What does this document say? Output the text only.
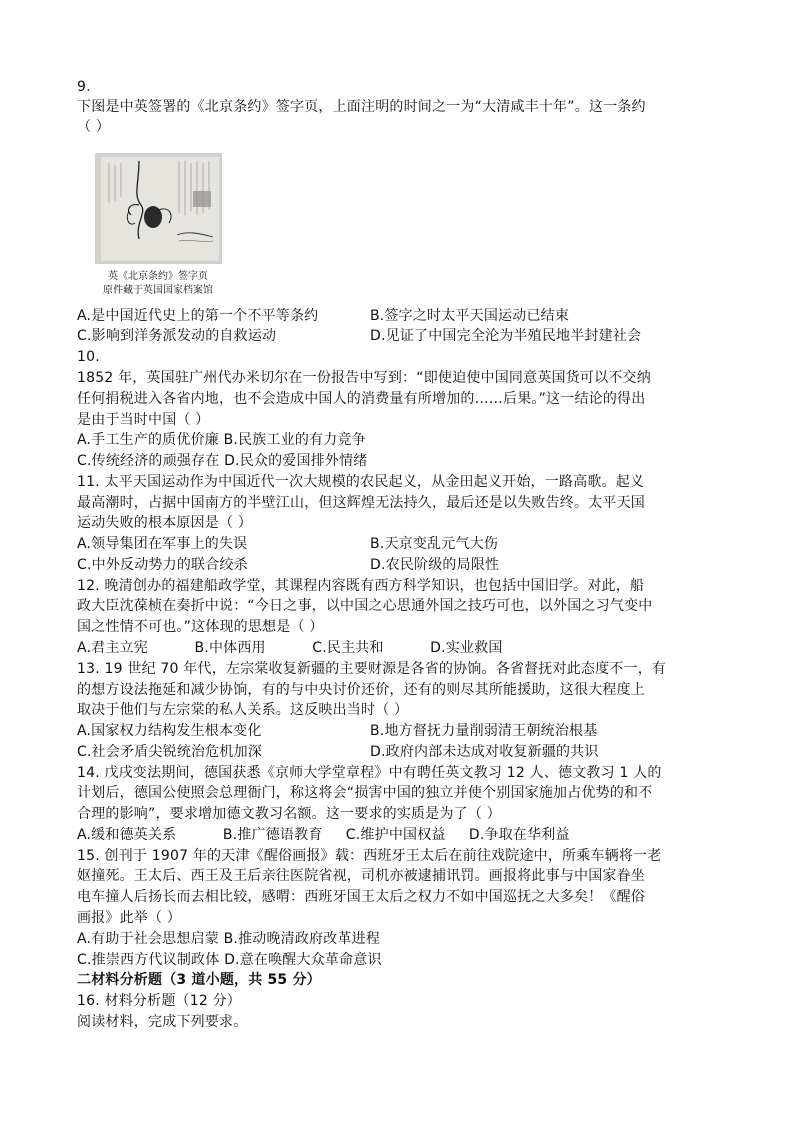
9.
下图是中英签署的《北京条约》签字页，上面注明的时间之一为“大清咸丰十年”。这一条约
（ ）
英《北京条约》签字页
原件藏于英国国家档案馆
A.是中国近代史上的第一个不平等条约	B.签字之时太平天国运动已结束
C.影响到洋务派发动的自救运动	D.见证了中国完全沦为半殖民地半封建社会
10.
1852 年，英国驻广州代办米切尔在一份报告中写到：“即使迫使中国同意英国货可以不交纳
任何捐税进入各省内地，也不会造成中国人的消费量有所增加的……后果。”这一结论的得出
是由于当时中国（ ）
A.手工生产的质优价廉 B.民族工业的有力竞争
C.传统经济的顽强存在 D.民众的爱国排外情绪
11. 太平天国运动作为中国近代一次大规模的农民起义，从金田起义开始，一路高歌。起义
最高潮时，占据中国南方的半壁江山，但这辉煌无法持久，最后还是以失败告终。太平天国
运动失败的根本原因是（ ）
A.领导集团在军事上的失误	B.天京变乱元气大伤
C.中外反动势力的联合绞杀	D.农民阶级的局限性
12. 晚清创办的福建船政学堂，其课程内容既有西方科学知识，也包括中国旧学。对此，船
政大臣沈葆桢在奏折中说：“今日之事，以中国之心思通外国之技巧可也，以外国之习气变中
国之性情不可也。”这体现的思想是（ ）
A.君主立宪          B.中体西用          C.民主共和          D.实业救国
13. 19 世纪 70 年代，左宗棠收复新疆的主要财源是各省的协饷。各省督抚对此态度不一，有
的想方设法拖延和减少协饷，有的与中央讨价还价，还有的则尽其所能援助，这很大程度上
取决于他们与左宗棠的私人关系。这反映出当时（ ）
A.国家权力结构发生根本变化	B.地方督抚力量削弱清王朝统治根基
C.社会矛盾尖锐统治危机加深	D.政府内部未达成对收复新疆的共识
14. 戊戌变法期间，德国获悉《京师大学堂章程》中有聘任英文教习 12 人、德文教习 1 人的
计划后，德国公使照会总理衙门，称这将会“损害中国的独立并使个别国家施加占优势的和不
合理的影响”，要求增加德文教习名额。这一要求的实质是为了（ ）
A.缓和德英关系          B.推广德语教育     C.维护中国权益     D.争取在华利益
15. 创刊于 1907 年的天津《醒俗画报》载：西班牙王太后在前往戏院途中，所乘车辆将一老
妪撞死。王太后、西王及王后亲往医院省视，司机亦被逮捕讯罚。画报将此事与中国家眷坐
电车撞人后扬长而去相比较，感喟：西班牙国王太后之权力不如中国巡抚之大多矣！《醒俗
画报》此举（ ）
A.有助于社会思想启蒙 B.推动晚清政府改革进程
C.推崇西方代议制政体 D.意在唤醒大众革命意识
二材料分析题（3 道小题，共 55 分）
16. 材料分析题（12 分）
阅读材料，完成下列要求。
